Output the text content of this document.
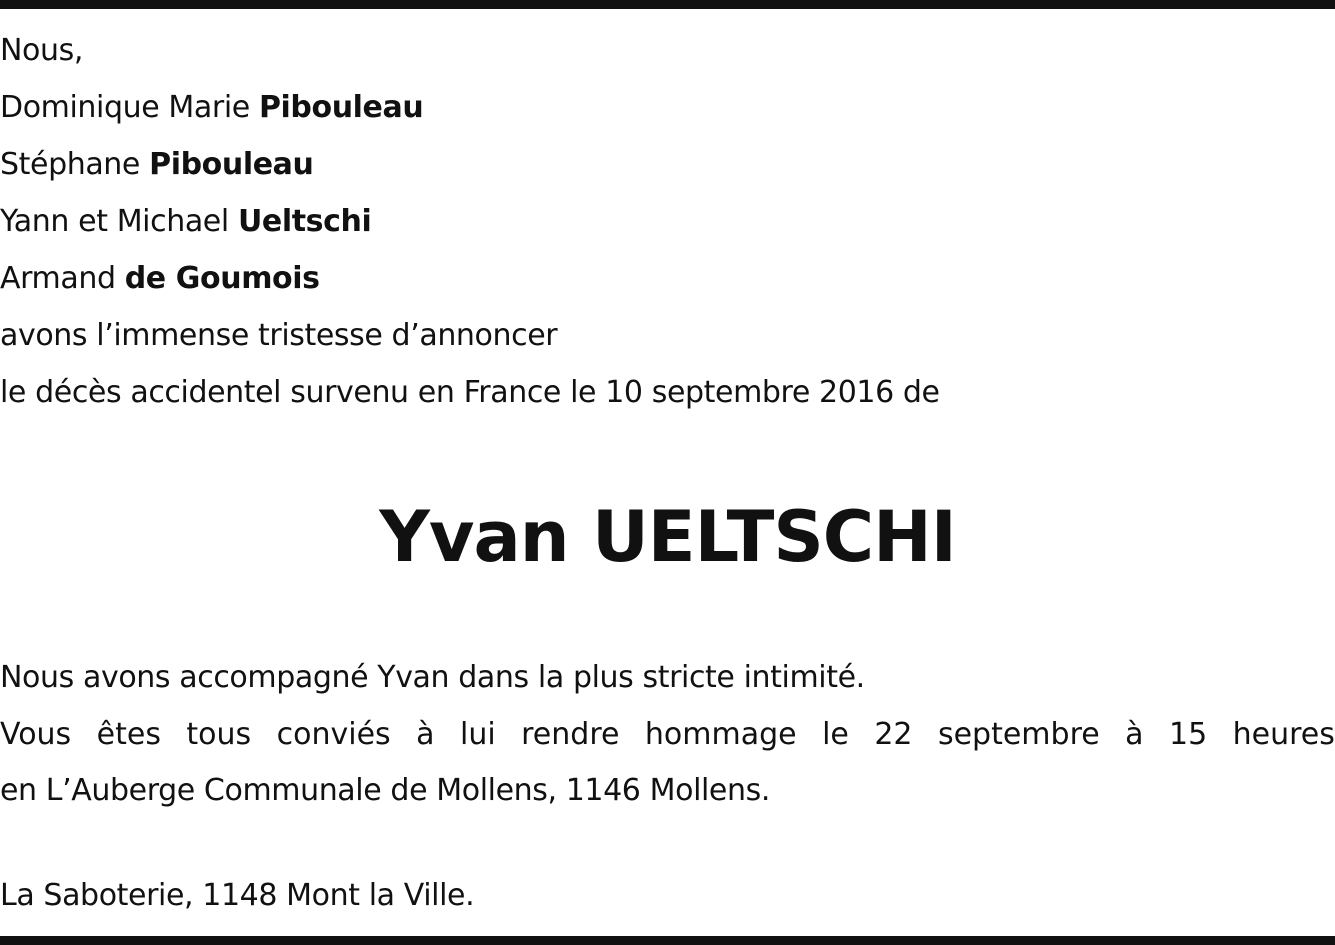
Nous,
Dominique Marie Pibouleau
Stéphane Pibouleau
Yann et Michael Ueltschi
Armand de Goumois
avons l’immense tristesse d’annoncer
le décès accidentel survenu en France le 10 septembre 2016 de
Yvan UELTSCHI
Nous avons accompagné Yvan dans la plus stricte intimité.
Vous êtes tous conviés à lui rendre hommage le 22 septembre à 15 heures
en L’Auberge Communale de Mollens, 1146 Mollens.
La Saboterie, 1148 Mont la Ville.
